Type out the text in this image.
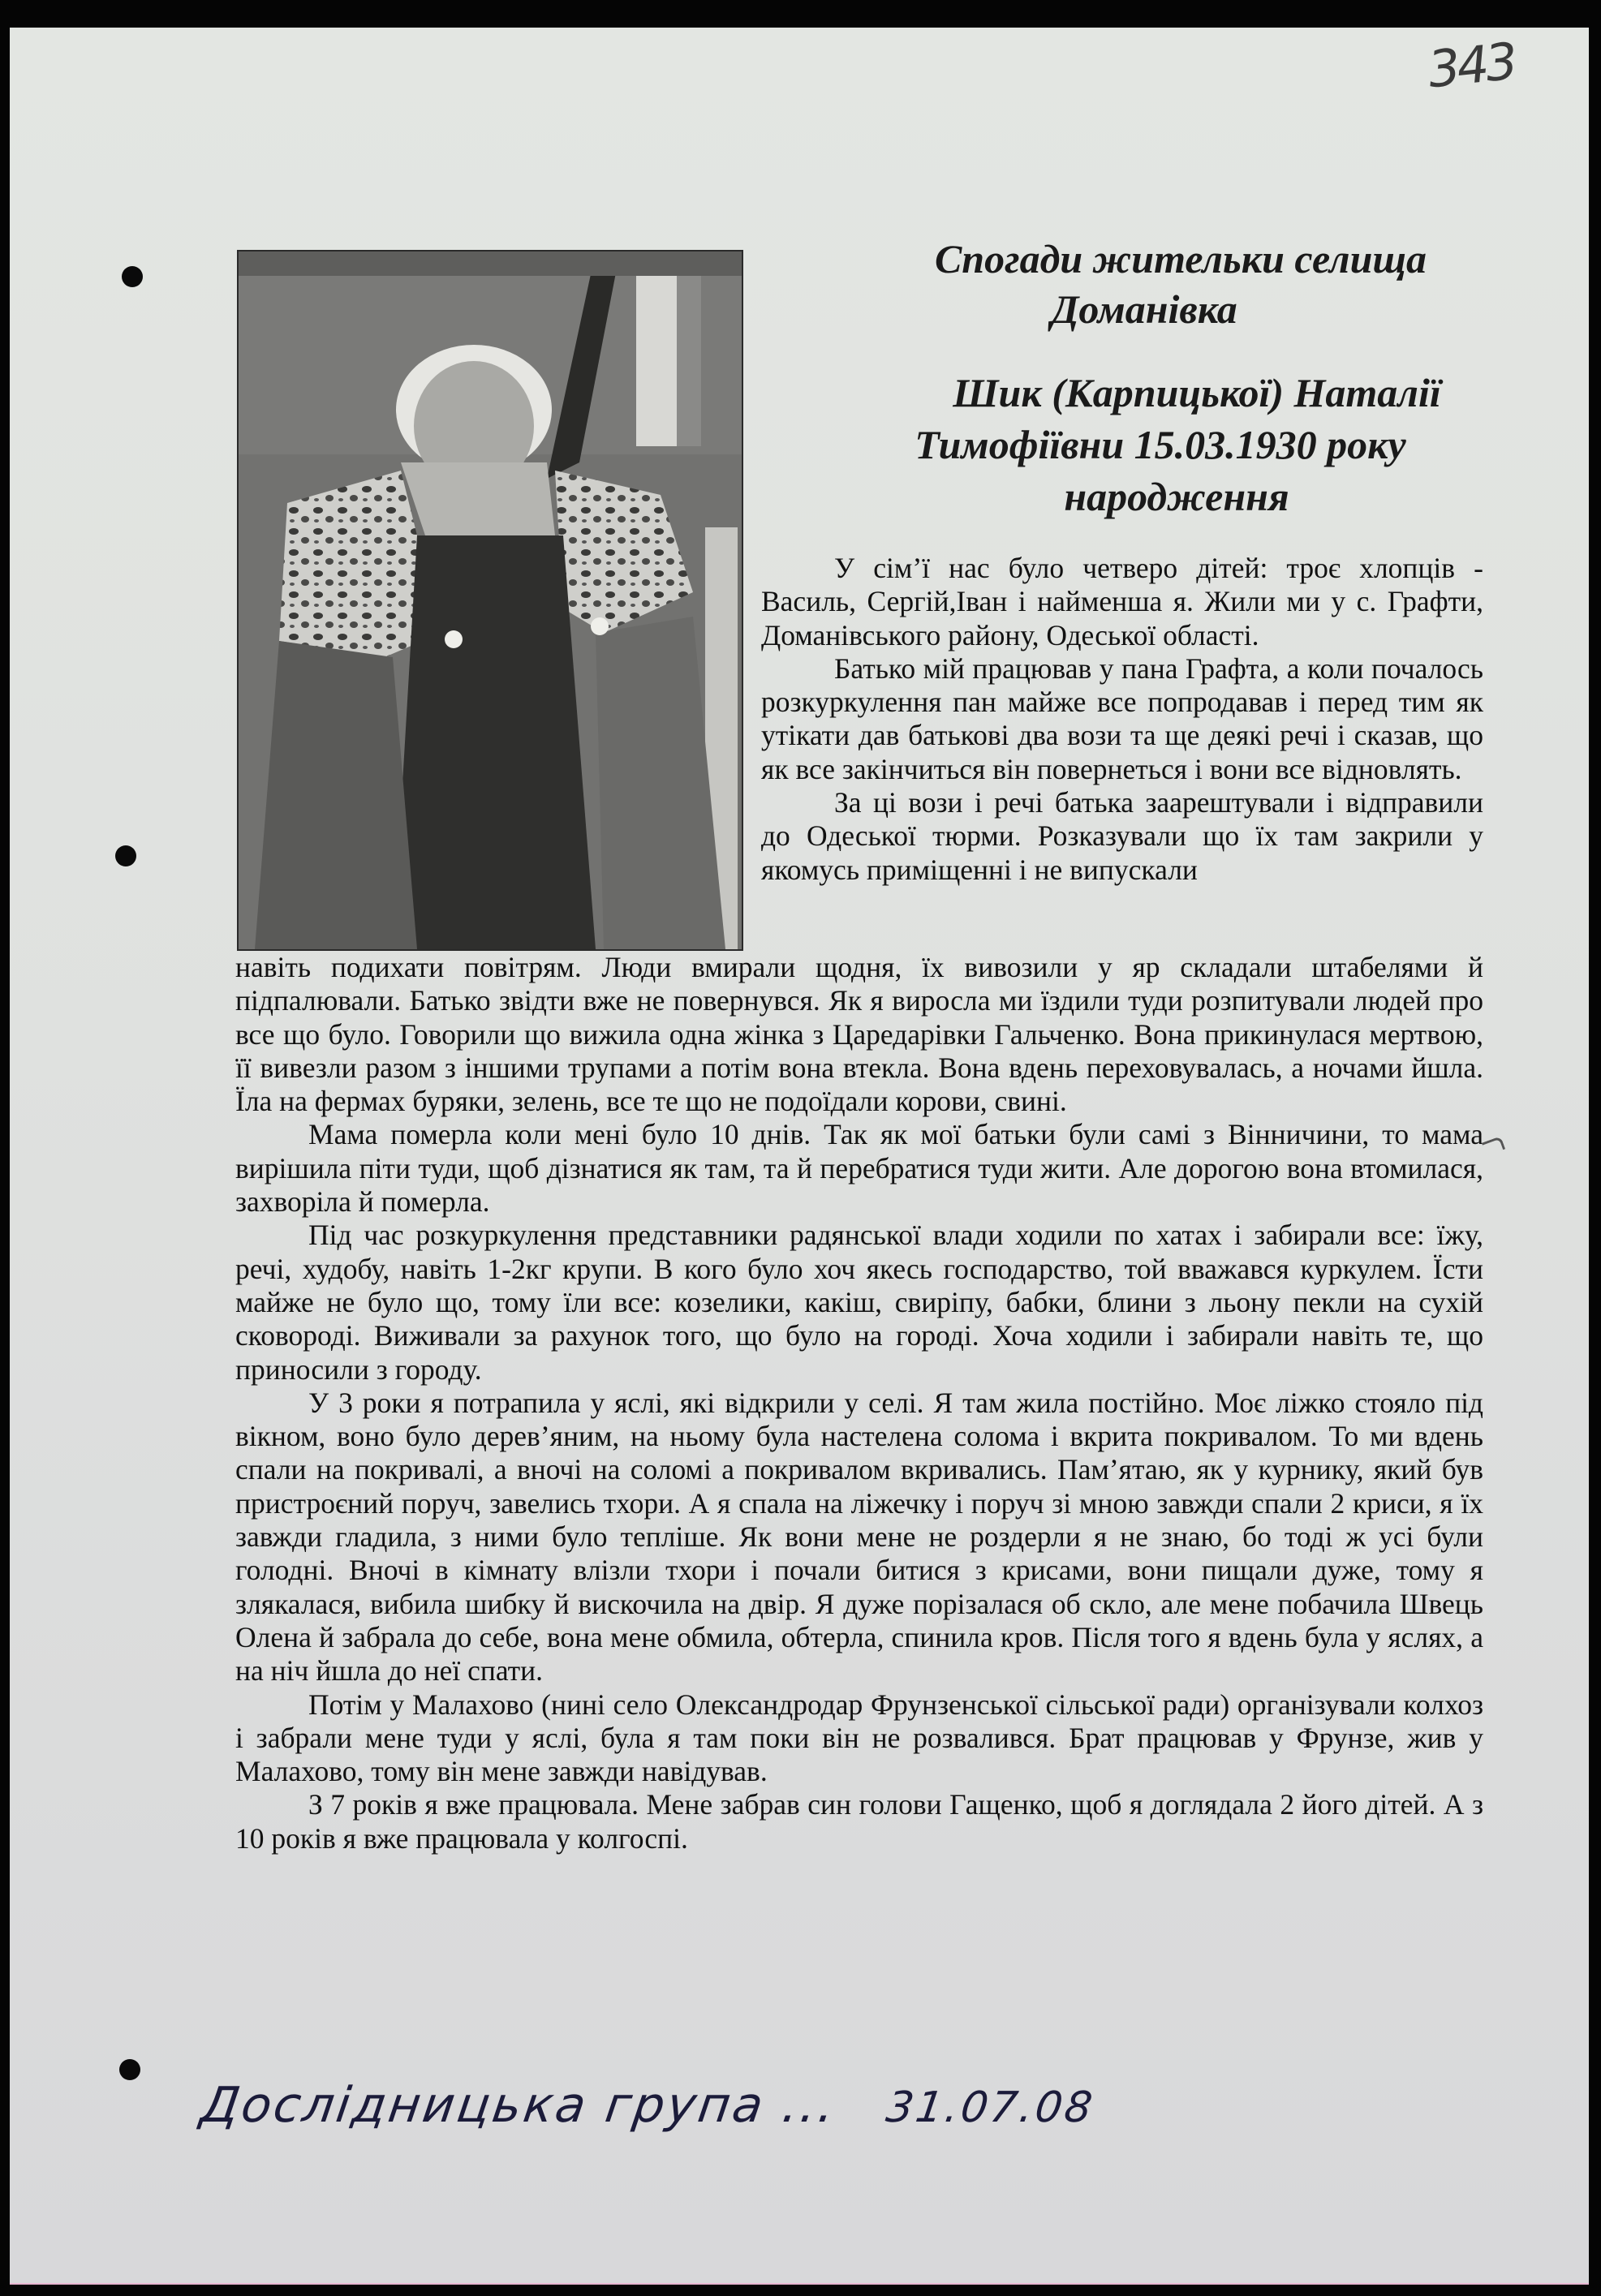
343
Спогади жительки селища
Доманівка
Шик (Карпицької) Наталії
Тимофіївни 15.03.1930 року
народження

У сім’ї нас було четверо дітей: троє хлопців - Василь, Сергій,Іван і найменша я. Жили ми у с. Графти, Доманівського району, Одеської області.

Батько мій працював у пана Графта, а коли почалось розкуркулення пан майже все попродавав і перед тим як утікати дав батькові два вози та ще деякі речі і сказав, що як все закінчиться він повернеться і вони все відновлять.

За ці вози і речі батька заарештували і відправили до Одеської тюрми. Розказували що їх там закрили у якомусь приміщенні і не випускали

навіть подихати повітрям. Люди вмирали щодня, їх вивозили у яр складали штабелями й підпалювали. Батько звідти вже не повернувся. Як я виросла ми їздили туди розпитували людей про все що було. Говорили що вижила одна жінка з Царедарівки Гальченко. Вона прикинулася мертвою, її вивезли разом з іншими трупами а потім вона втекла. Вона вдень переховувалась, а ночами йшла. Їла на фермах буряки, зелень, все те що не подоїдали корови, свині.

Мама померла коли мені було 10 днів. Так як мої батьки були самі з Вінничини, то мама вирішила піти туди, щоб дізнатися як там, та й перебратися туди жити. Але дорогою вона втомилася, захворіла й померла.

Під час розкуркулення представники радянської влади ходили по хатах і забирали все: їжу, речі, худобу, навіть 1-2кг крупи. В кого було хоч якесь господарство, той вважався куркулем. Їсти майже не було що, тому їли все: козелики, какіш, свиріпу, бабки, блини з льону пекли на сухій сковороді. Виживали за рахунок того, що було на городі. Хоча ходили і забирали навіть те, що приносили з городу.

У 3 роки я потрапила у яслі, які відкрили у селі. Я там жила постійно. Моє ліжко стояло під вікном, воно було дерев’яним, на ньому була настелена солома і вкрита покривалом. То ми вдень спали на покривалі, а вночі на соломі а покривалом вкривались. Пам’ятаю, як у курнику, який був пристроєний поруч, завелись тхори. А я спала на ліжечку і поруч зі мною завжди спали 2 криси, я їх завжди гладила, з ними було тепліше. Як вони мене не роздерли я не знаю, бо тоді ж усі були голодні. Вночі в кімнату влізли тхори і почали битися з крисами, вони пищали дуже, тому я злякалася, вибила шибку й вискочила на двір. Я дуже порізалася об скло, але мене побачила Швець Олена й забрала до себе, вона мене обмила, обтерла, спинила кров. Після того я вдень була у яслях, а на ніч йшла до неї спати.

Потім у Малахово (нині село Олександродар Фрунзенської сільської ради) організували колхоз і забрали мене туди у яслі, була я там поки він не розвалився. Брат працював у Фрунзе, жив у Малахово, тому він мене завжди навідував.

З 7 років я вже працювала. Мене забрав син голови Гащенко, щоб я доглядала 2 його дітей. А з 10 років я вже працювала у колгоспі.

Дослідницька група ... 31.07.08
